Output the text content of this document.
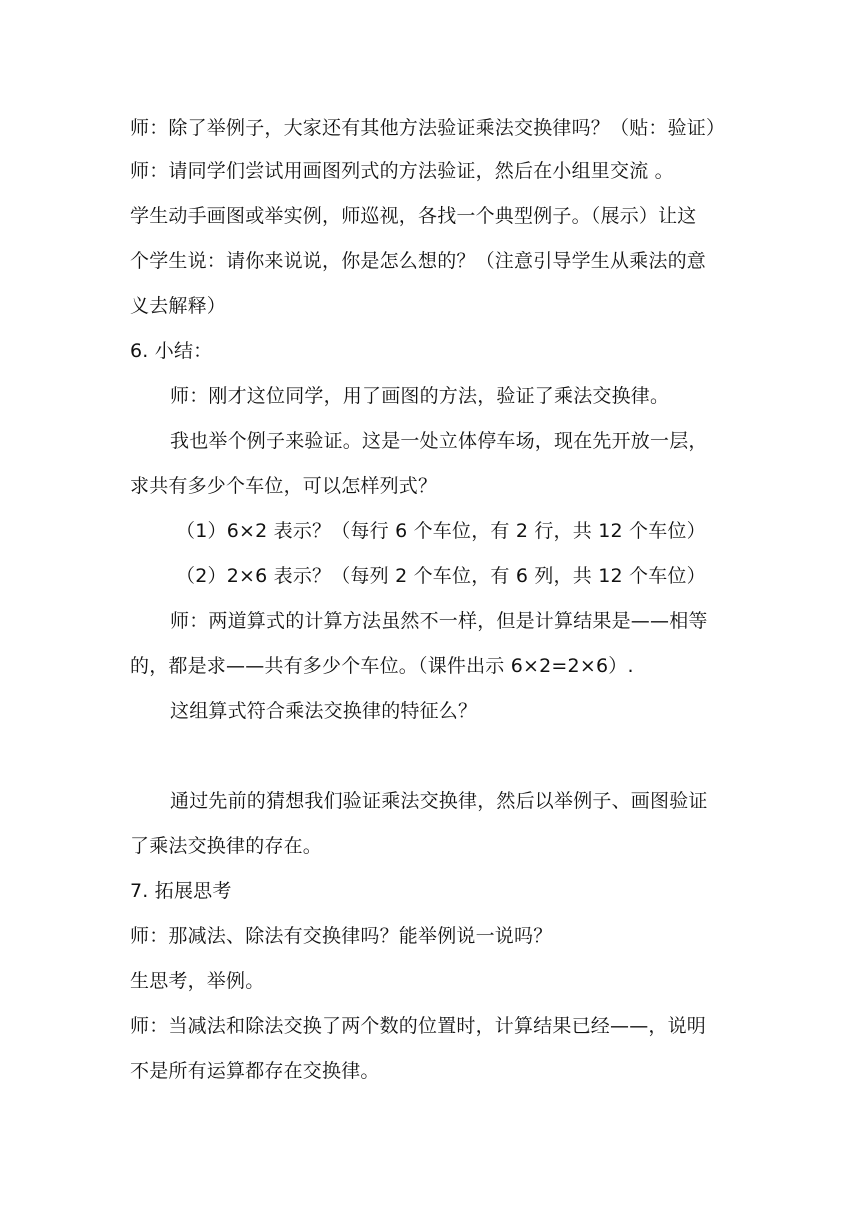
师：除了举例子，大家还有其他方法验证乘法交换律吗？（贴：验证）
师：请同学们尝试用画图列式的方法验证，然后在小组里交流 。
学生动手画图或举实例，师巡视，各找一个典型例子。（展示）让这
个学生说：请你来说说，你是怎么想的？（注意引导学生从乘法的意
义去解释）
6. 小结：
师：刚才这位同学，用了画图的方法，验证了乘法交换律。
我也举个例子来验证。这是一处立体停车场，现在先开放一层，
求共有多少个车位，可以怎样列式？
（1）6×2 表示？（每行 6 个车位，有 2 行，共 12 个车位）
（2）2×6 表示？（每列 2 个车位，有 6 列，共 12 个车位）
师：两道算式的计算方法虽然不一样，但是计算结果是——相等
的，都是求——共有多少个车位。（课件出示 6×2=2×6）.
这组算式符合乘法交换律的特征么？
通过先前的猜想我们验证乘法交换律，然后以举例子、画图验证
了乘法交换律的存在。
7. 拓展思考
师：那减法、除法有交换律吗？能举例说一说吗？
生思考，举例。
师：当减法和除法交换了两个数的位置时，计算结果已经——，说明
不是所有运算都存在交换律。
